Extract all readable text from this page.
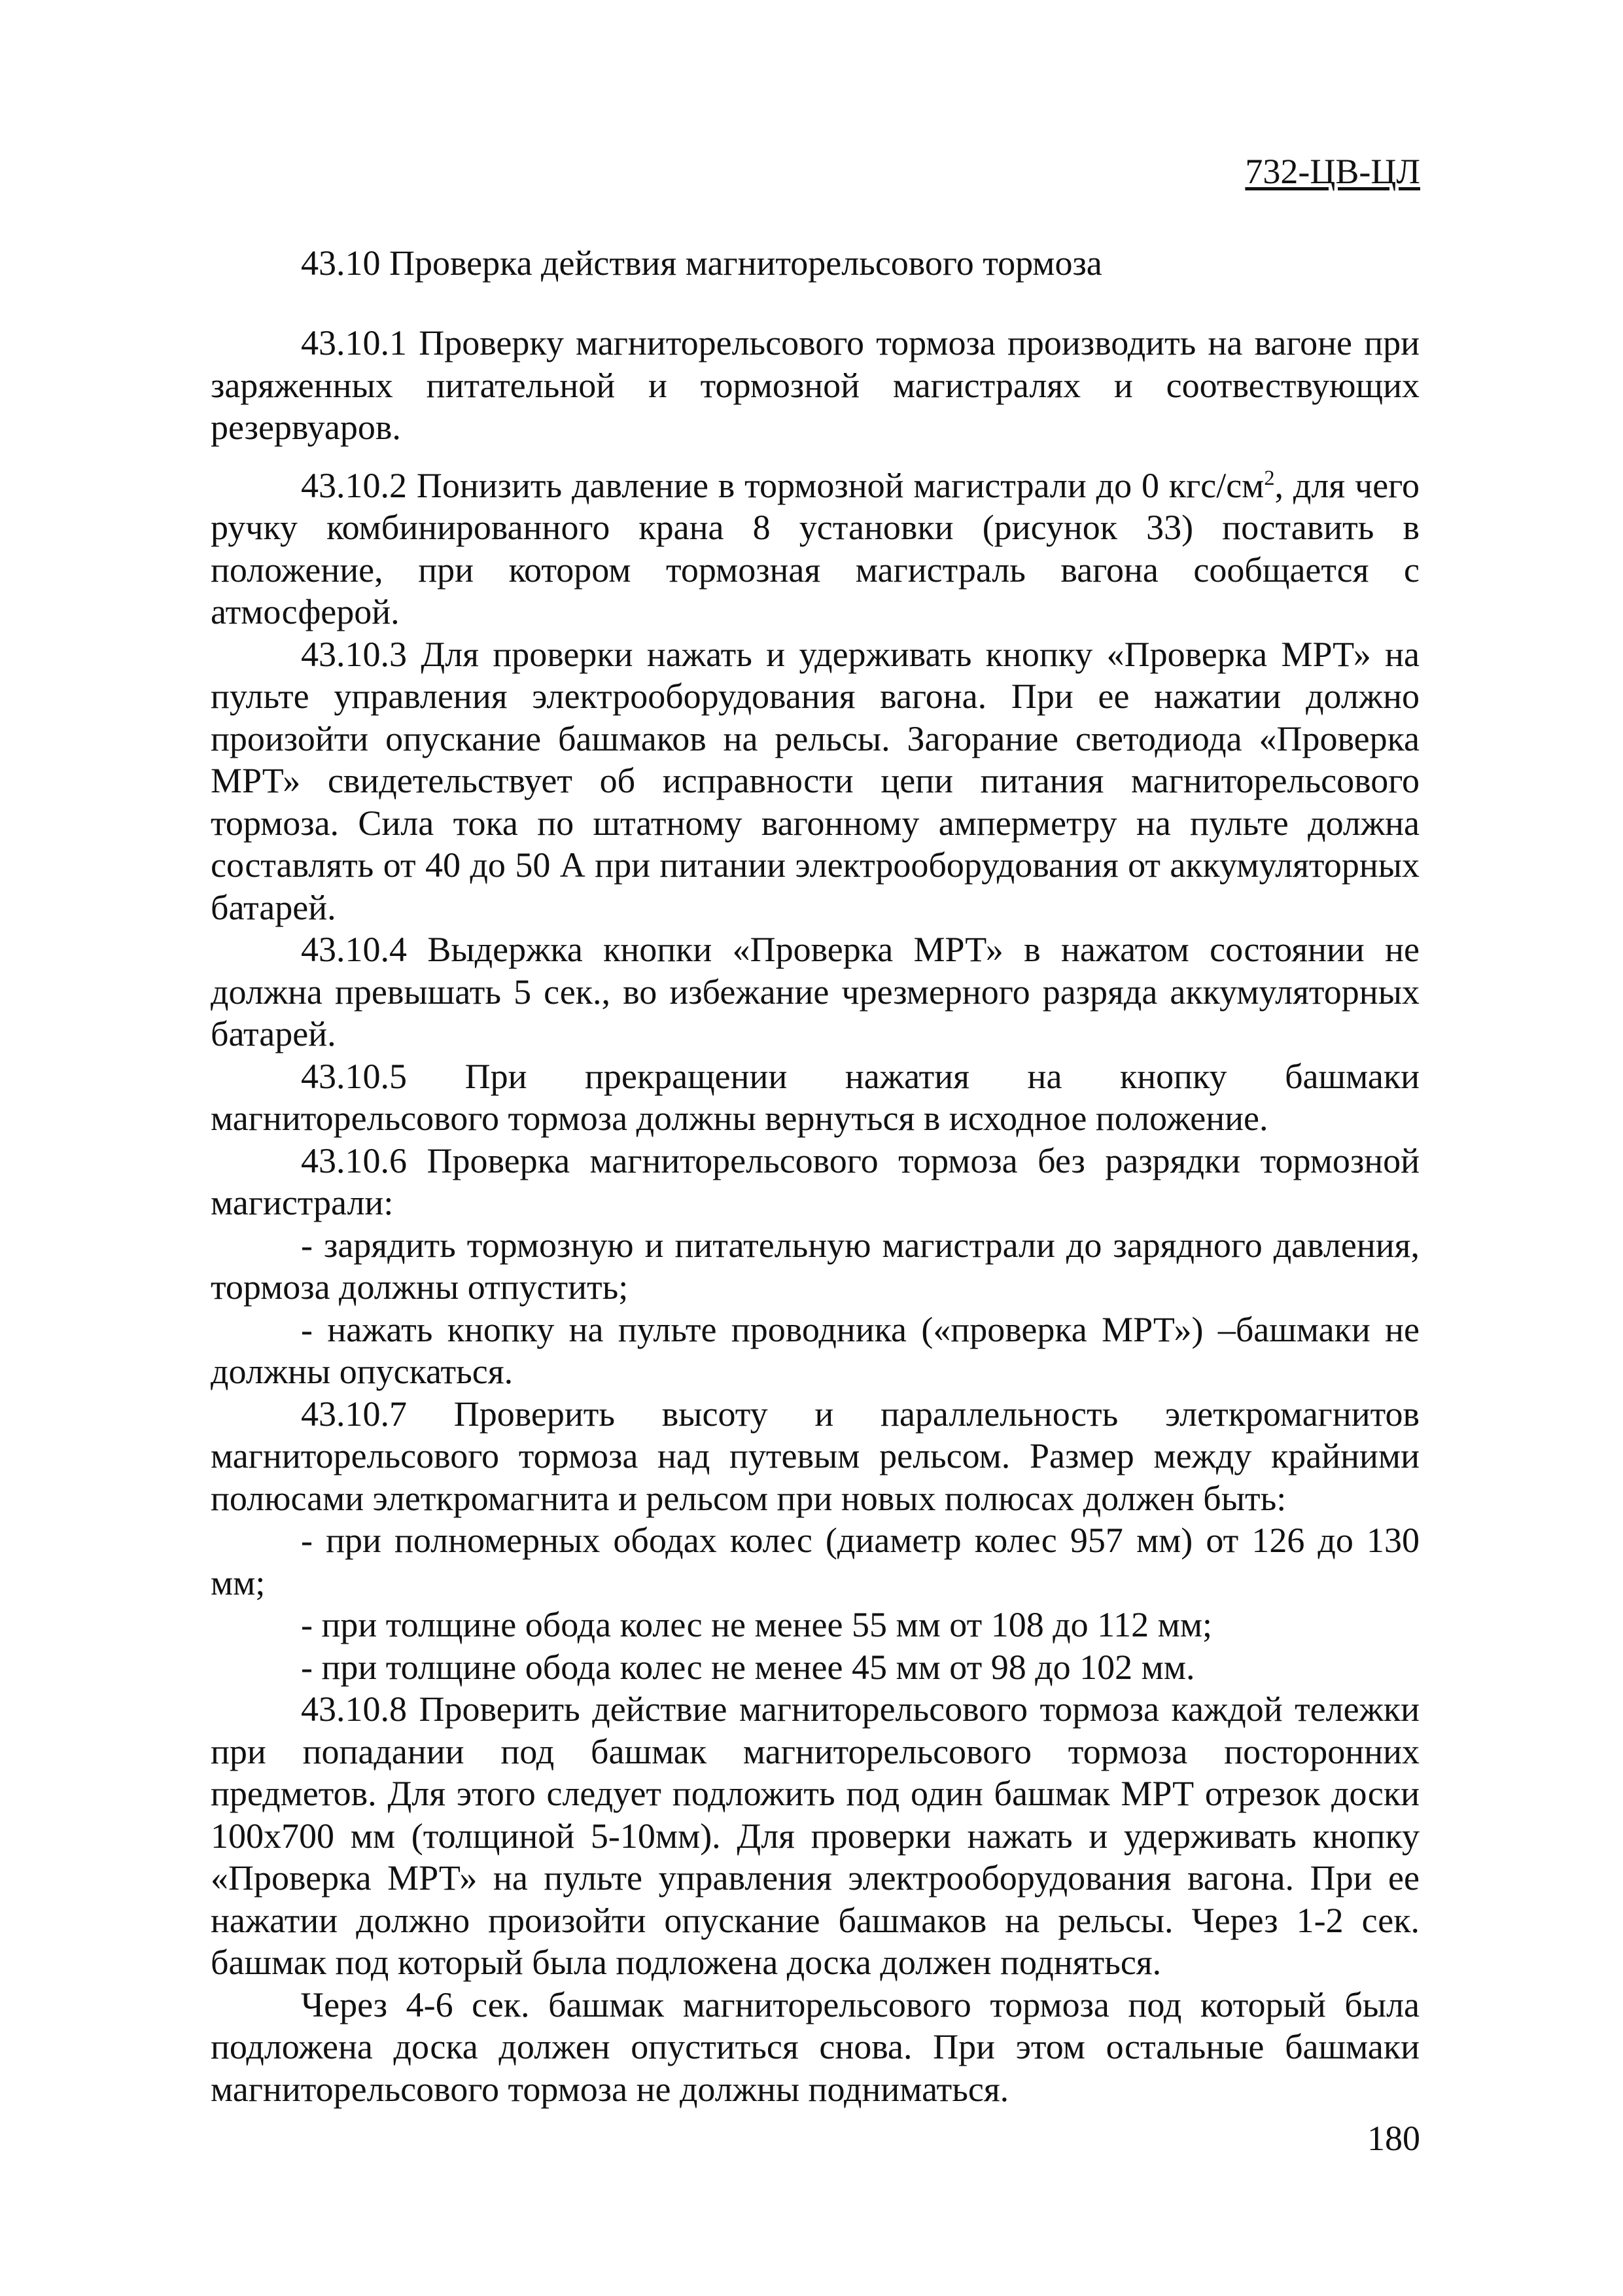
732-ЦВ-ЦЛ
43.10 Проверка действия магниторельсового тормоза

43.10.1 Проверку магниторельсового тормоза производить на вагоне при заряженных питательной и тормозной магистралях и соотвествующих резервуаров.

43.10.2 Понизить давление в тормозной магистрали до 0 кгс/$см^2$, для чего ручку комбинированного крана 8 установки (рисунок 33) поставить в положение, при котором тормозная магистраль вагона сообщается с атмосферой.

43.10.3 Для проверки нажать и удерживать кнопку «Проверка МРТ» на пульте управления электрооборудования вагона. При ее нажатии должно произойти опускание башмаков на рельсы. Загорание светодиода «Проверка МРТ» свидетельствует об исправности цепи питания магниторельсового тормоза. Сила тока по штатному вагонному амперметру на пульте должна составлять от 40 до 50 А при питании электрооборудования от аккумуляторных батарей.

43.10.4 Выдержка кнопки «Проверка МРТ» в нажатом состоянии не должна превышать 5 сек., во избежание чрезмерного разряда аккумуляторных батарей.

43.10.5 При прекращении нажатия на кнопку башмаки магниторельсового тормоза должны вернуться в исходное положение.

43.10.6 Проверка магниторельсового тормоза без разрядки тормозной магистрали:

- зарядить тормозную и питательную магистрали до зарядного давления, тормоза должны отпустить;

- нажать кнопку на пульте проводника («проверка МРТ») –башмаки не должны опускаться.

43.10.7 Проверить высоту и параллельность элеткромагнитов магниторельсового тормоза над путевым рельсом. Размер между крайними полюсами элеткромагнита и рельсом при новых полюсах должен быть:

- при полномерных ободах колес (диаметр колес 957 мм) от 126 до 130 мм;

- при толщине обода колес не менее 55 мм от 108 до 112 мм;

- при толщине обода колес не менее 45 мм от 98 до 102 мм.

43.10.8 Проверить действие магниторельсового тормоза каждой тележки при попадании под башмак магниторельсового тормоза посторонних предметов. Для этого следует подложить под один башмак МРТ отрезок доски 100х700 мм (толщиной 5-10мм). Для проверки нажать и удерживать кнопку «Проверка МРТ» на пульте управления электрооборудования вагона. При ее нажатии должно произойти опускание башмаков на рельсы. Через 1-2 сек. башмак под который была подложена доска должен подняться.

Через 4-6 сек. башмак магниторельсового тормоза под который была подложена доска должен опуститься снова. При этом остальные башмаки магниторельсового тормоза не должны подниматься.

180
